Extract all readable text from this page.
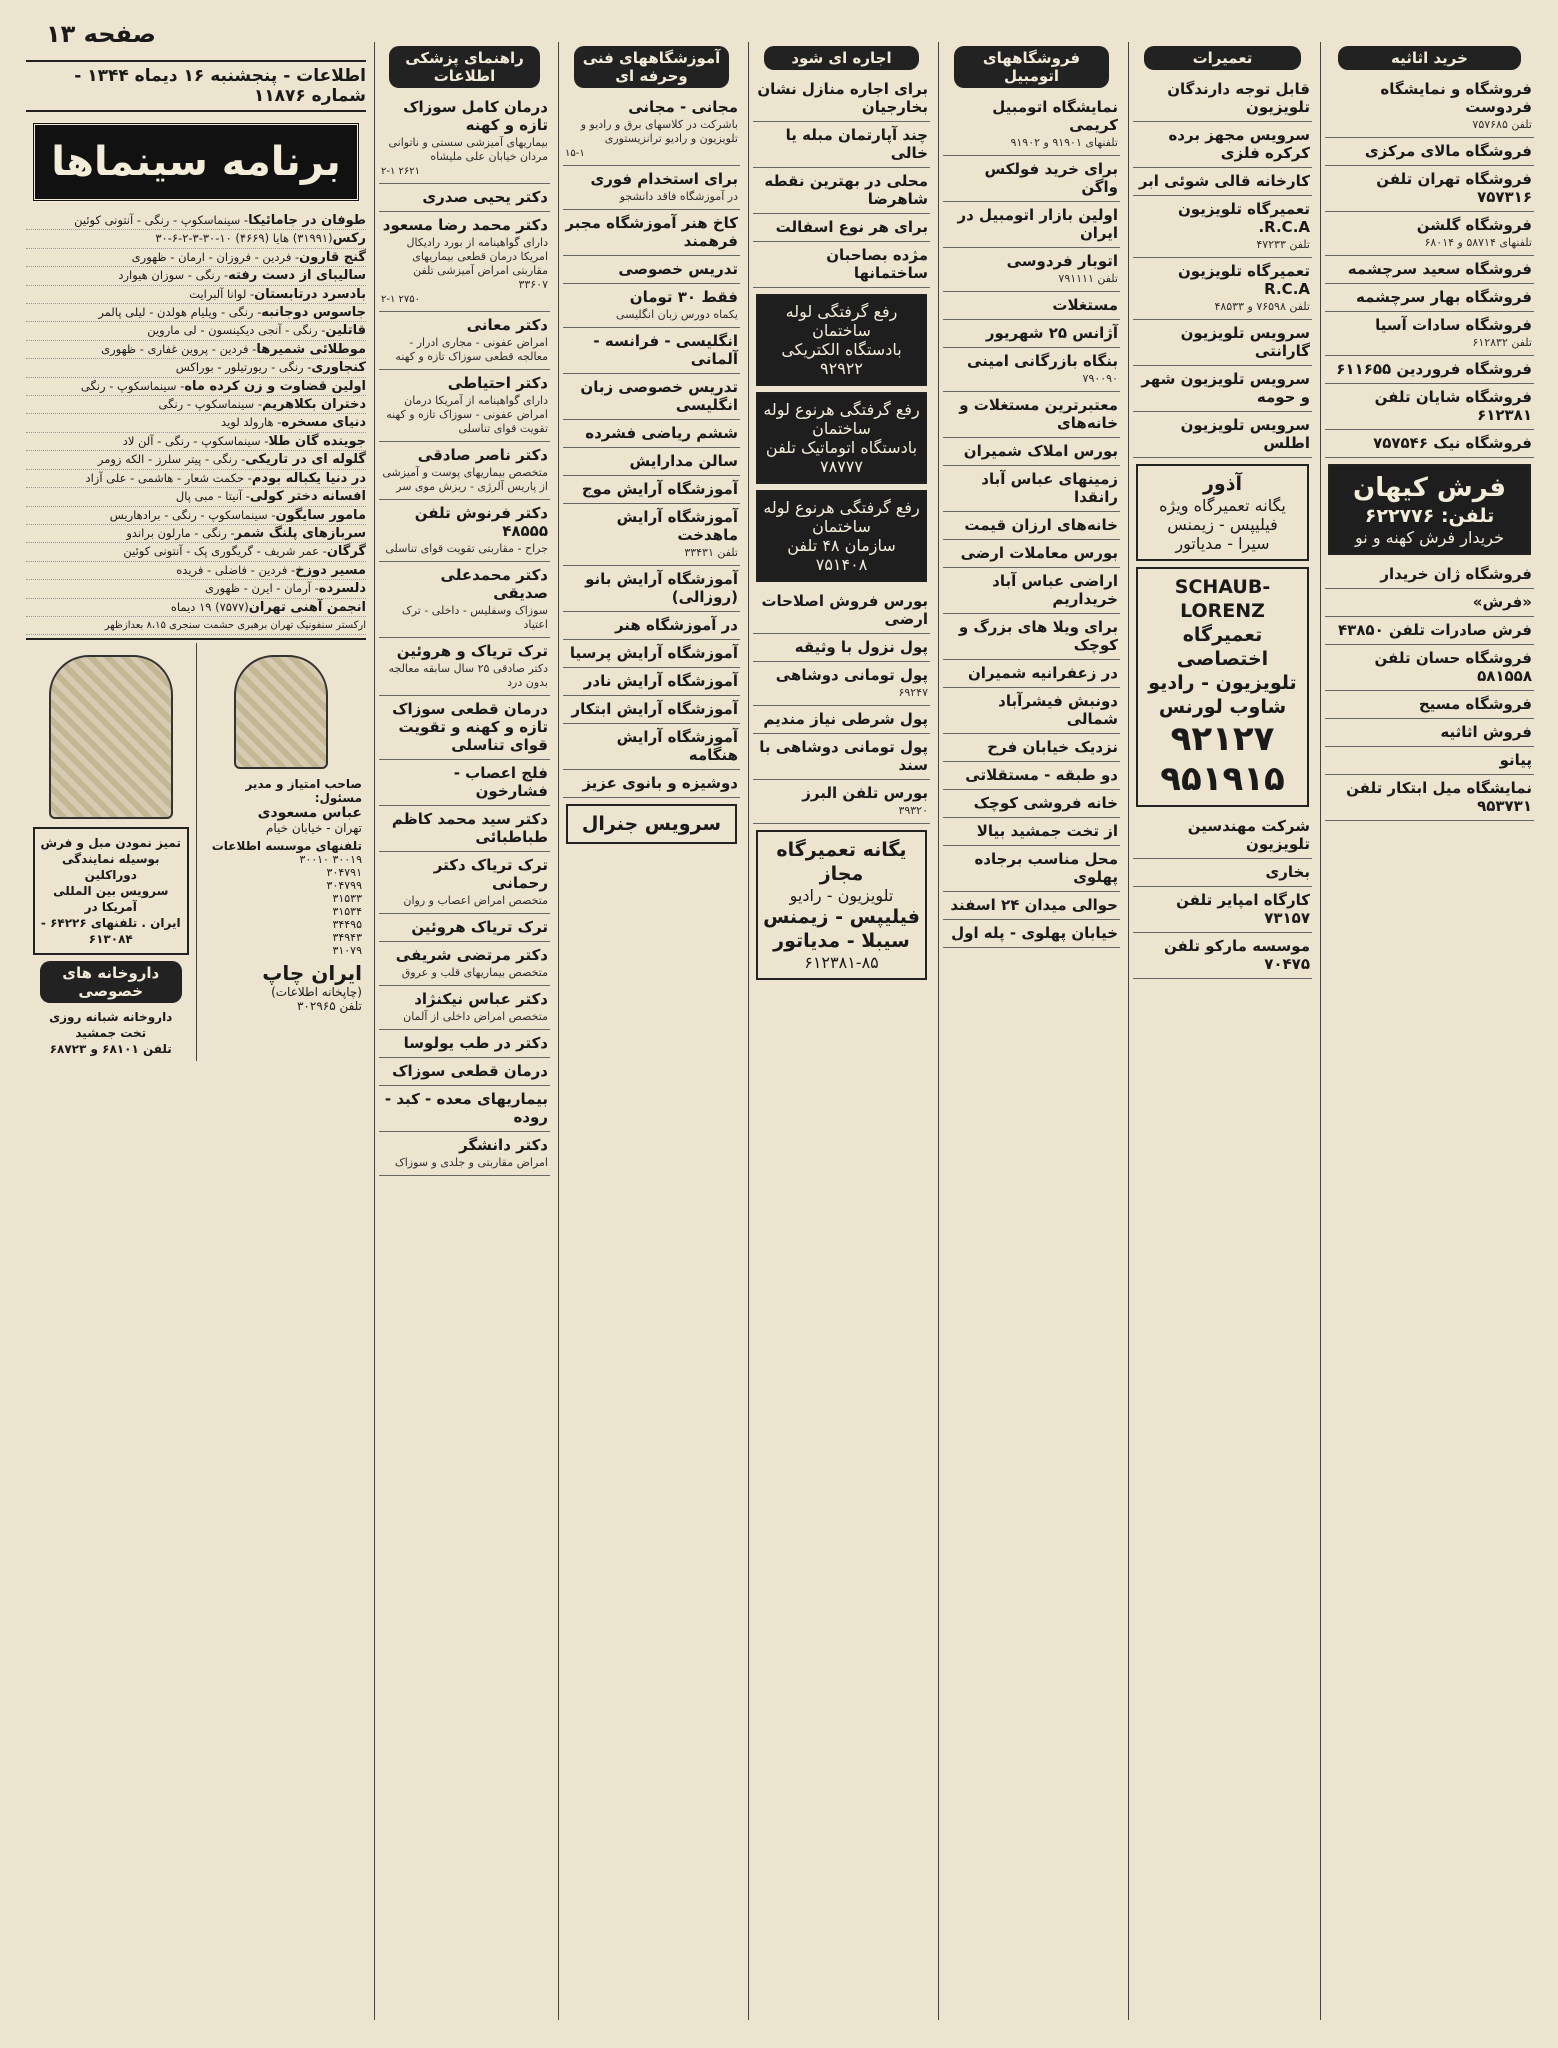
خرید اثاثیه
فروشگاه و نمایشگاه فردوست
تلفن ۷۵۷۶۸۵
فروشگاه مالای مرکزی
فروشگاه تهران تلفن ۷۵۷۳۱۶
فروشگاه گلشن
تلفنهای ۵۸۷۱۴ و ۶۸۰۱۴
فروشگاه سعید سرچشمه
فروشگاه بهار سرچشمه
فروشگاه سادات آسیا
تلفن ۶۱۲۸۳۲
فروشگاه فروردین ۶۱۱۶۵۵
فروشگاه شایان تلفن ۶۱۲۳۸۱
فروشگاه نیک ۷۵۷۵۴۶
فرش کیهان
تلفن: ۶۲۲۷۷۶
خریدار فرش کهنه و نو
فروشگاه ژان خریدار
«فرش»
فرش صادرات تلفن ۴۳۸۵۰
فروشگاه حسان تلفن ۵۸۱۵۵۸
فروشگاه مسیح
فروش اثاثیه
پیانو
نمایشگاه میل ابتکار تلفن ۹۵۳۷۳۱
تعمیرات
قابل توجه دارندگان تلویزیون
سرویس مجهز برده کرکره فلزی
کارخانه قالی شوئی ابر
تعمیرگاه تلویزیون R.C.A.
تلفن ۴۷۲۳۳
تعمیرگاه تلویزیون R.C.A
تلفن ۷۶۵۹۸ و ۴۸۵۳۳
سرویس تلویزیون گارانتی
سرویس تلویزیون شهر و حومه
سرویس تلویزیون اطلس
آذور
یگانه تعمیرگاه ویژه
فیلیپس - زیمنس
سیرا - مدیاتور
SCHAUB-LORENZ
تعمیرگاه اختصاصی
تلویزیون - رادیو
شاوب لورنس
۹۲۱۲۷
۹۵۱۹۱۵
شرکت مهندسین تلویزیون
بخاری
کارگاه امپایر تلفن ۷۳۱۵۷
موسسه مارکو تلفن ۷۰۴۷۵
فروشگاههای اتومبیل
نمایشگاه اتومبیل کریمی
تلفنهای ۹۱۹۰۱ و ۹۱۹۰۲
برای خرید فولکس واگن
اولین بازار اتومبیل در ایران
اتوبار فردوسی
تلفن ۷۹۱۱۱۱
مستغلات
آژانس ۲۵ شهریور
بنگاه بازرگانی امینی
۷۹۰۰۹۰
معتبرترین مستغلات و خانه‌های
بورس املاک شمیران
زمینهای عباس آباد رانقدا
خانه‌های ارزان قیمت
بورس معاملات ارضی
اراضی عباس آباد خریداریم
برای ویلا های بزرگ و کوچک
در زعفرانیه شمیران
دونبش فیشرآباد شمالی
نزدیک خیابان فرح
دو طبقه - مستقلاتی
خانه فروشی کوچک
از تخت جمشید بیالا
محل مناسب برجاده پهلوی
حوالی میدان ۲۴ اسفند
خیابان پهلوی - پله اول
اجاره ای شود
برای اجاره منازل نشان بخارجیان
چند آپارتمان مبله یا خالی
محلی در بهترین نقطه شاهرضا
برای هر نوع اسفالت
مژده بصاحبان ساختمانها
رفع گرفتگی لوله ساختمان
بادستگاه الکتریکی ۹۲۹۲۲
رفع گرفتگی هرنوع لوله ساختمان
بادستگاه اتوماتیک تلفن ۷۸۷۷۷
رفع گرفتگی هرنوع لوله ساختمان
سازمان ۴۸ تلفن ۷۵۱۴۰۸
بورس فروش اصلاحات ارضی
پول نزول با وثیقه
پول تومانی دوشاهی
۶۹۲۴۷
پول شرطی نیاز مندیم
پول تومانی دوشاهی با سند
بورس تلفن البرز
۳۹۳۲۰
یگانه تعمیرگاه مجاز
تلویزیون - رادیو
فیلیپس - زیمنس
سیبلا - مدیاتور
۶۱۲۳۸۱-۸۵
آموزشگاههای فنی وحرفه ای
مجانی - مجانی
باشرکت در کلاسهای برق و رادیو و تلویزیون و رادیو ترانزیستوری
۱۵-۱
برای استخدام فوری
در آموزشگاه فاقد دانشجو
کاخ هنر آموزشگاه مجبر فرهمند
تدریس خصوصی
فقط ۳۰ تومان
یکماه دورس زبان انگلیسی
انگلیسی - فرانسه - آلمانی
تدریس خصوصی زبان انگلیسی
ششم ریاضی فشرده
سالن مدارایش
آموزشگاه آرایش موج
آموزشگاه آرایش ماهدخت
تلفن ۳۳۴۳۱
آموزشگاه آرایش بانو (روزالی)
در آموزشگاه هنر
آموزشگاه آرایش پرسیا
آموزشگاه آرایش نادر
آموزشگاه آرایش ابتکار
آموزشگاه آرایش هنگامه
دوشیزه و بانوی عزیز
سرویس جنرال
راهنمای پزشکی اطلاعات
درمان کامل سوزاک تازه و کهنه
بیماریهای آمیزشی سستی و ناتوانی مردان خیابان علی ملیشاه
۲-۱ ۲۶۲۱
دکتر یحیی صدری
دکتر محمد رضا مسعود
دارای گواهینامه از بورد رادیکال امریکا درمان قطعی بیماریهای مقاربتی امراض آمیزشی تلفن ۳۳۶۰۷
۲-۱ ۲۷۵۰
دکتر معانی
امراض عفونی - مجاری ادرار - معالجه قطعی سوزاک تازه و کهنه
دکتر احتیاطی
دارای گواهینامه از آمریکا درمان امراض عفونی - سوزاک تازه و کهنه تقویت قوای تناسلی
دکتر ناصر صادقی
متخصص بیماریهای پوست و آمیزشی از پاریس آلرژی - ریزش موی سر
دکتر فرنوش تلفن ۴۸۵۵۵
جراح - مقاربتی تقویت قوای تناسلی
دکتر محمدعلی صدیقی
سوزاک وسفلیس - داخلی - ترک اعتیاد
ترک تریاک و هروئین
دکتر صادقی ۲۵ سال سابقه معالجه بدون درد
درمان قطعی سوزاک تازه و کهنه و تقویت قوای تناسلی
فلج اعصاب - فشارخون
دکتر سید محمد کاظم طباطبائی
ترک تریاک دکتر رحمانی
متخصص امراض اعصاب و روان
ترک تریاک هروئین
دکتر مرتضی شریفی
متخصص بیماریهای قلب و عروق
دکتر عباس نیکنژاد
متخصص امراض داخلی از آلمان
دکتر در طب یولوسا
درمان قطعی سوزاک
بیماریهای معده - کبد - روده
دکتر دانشگر
امراض مقاربتی و جلدی و سوزاک
صفحه ۱۳
اطلاعات - پنجشنبه ۱۶ دیماه ۱۳۴۴ - شماره ۱۱۸۷۶
برنامه سینماها
طوفان در جامائیکا- سینماسکوپ - رنگی - آنتونی کوئین
رکس(۳۱۹۹۱) هایا (۴۶۶۹) ۱۰-۳۰-۳-۲-۶-۳۰
گنج قارون- فردین - فروزان - ارمان - ظهوری
سالیبای از دست رفته- رنگی - سوزان هیوارد
بادسرد درتابستان- لوانا آلبرایت
جاسوس دوجانبه- رنگی - ویلیام هولدن - لیلی پالمر
قاتلین- رنگی - آنجی دیکینسون - لی ماروین
موطلائی شمیرها- فردین - پروین غفاری - ظهوری
کنجاوری- رنگی - ریورتیلور - بوراکس
اولین قضاوت و زن کرده ماه- سینماسکوپ - رنگی
دختران بکلاهریم- سینماسکوپ - رنگی
دنیای مسخره- هارولد لوید
جوینده گان طلا- سینماسکوپ - رنگی - آلن لاد
گلوله ای در تاریکی- رنگی - پیتر سلرز - الکه زومر
در دنیا یکباله بودم- حکمت شعار - هاشمی - علی آزاد
افسانه دختر کولی- آنیتا - مبی پال
مامور سایگون- سینماسکوپ - رنگی - برادهاریس
سربازهای پلنگ شمر- رنگی - مارلون براندو
گرگان- عمر شریف - گریگوری پک - آنتونی کوئین
مسیر دوزخ- فردین - فاضلی - فریده
دلسرده- آرمان - ایرن - ظهوری
انجمن آهنی تهران(۷۵۷۷) ۱۹ دیماه
ارکستر سنفونیک تهران برهبری حشمت سنجری ۸،۱۵ بعدازظهر
صاحب امتیاز و مدیر مسئول:
عباس مسعودی
تهران - خیابان خیام
تلفنهای موسسه اطلاعات
۳۰۰۱۹ ۳۰۰۱۰
۳۰۴۷۹۱
۳۰۴۷۹۹
۳۱۵۳۳
۳۱۵۳۴
۳۴۴۹۵
۳۴۹۴۳
۳۱۰۷۹
ایران چاپ
(چاپخانه اطلاعات)
تلفن ۳۰۲۹۶۵
تمیز نمودن مبل و فرش
بوسیله نمایندگی دوراکلین
سرویس بین المللی آمریکا در
ایران . تلفنهای ۶۴۲۲۶ -
۶۱۳۰۸۴
داروخانه های خصوصی
داروخانه شبانه روزی
تخت جمشید
تلفن ۶۸۱۰۱ و ۶۸۷۲۳
